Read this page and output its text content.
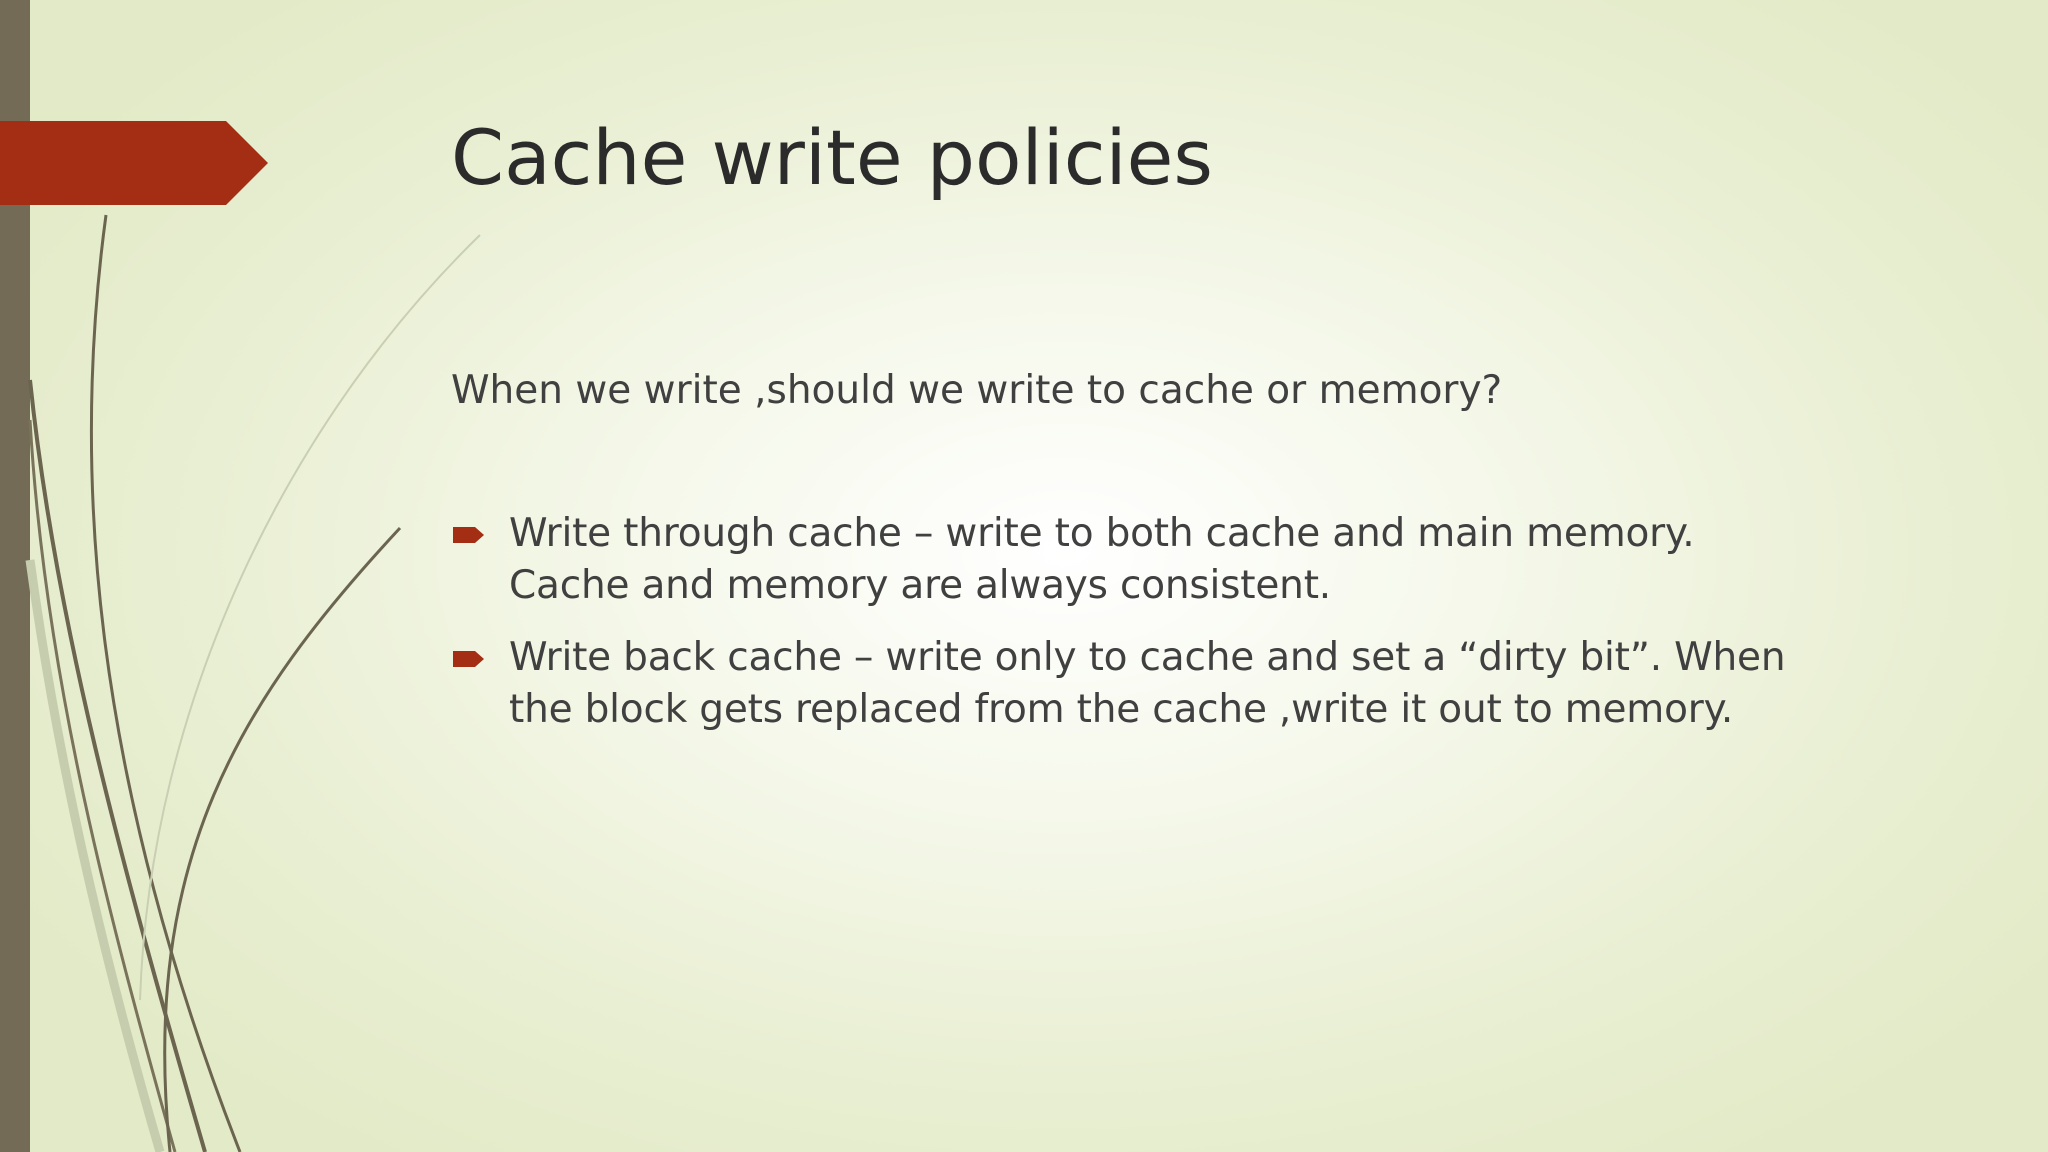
Cache write policies

When we write ,should we write to cache or memory?

Write through cache – write to both cache and main memory.
Cache and memory are always consistent.
Write back cache – write only to cache and set a “dirty bit”. When
the block gets replaced from the cache ,write it out to memory.
